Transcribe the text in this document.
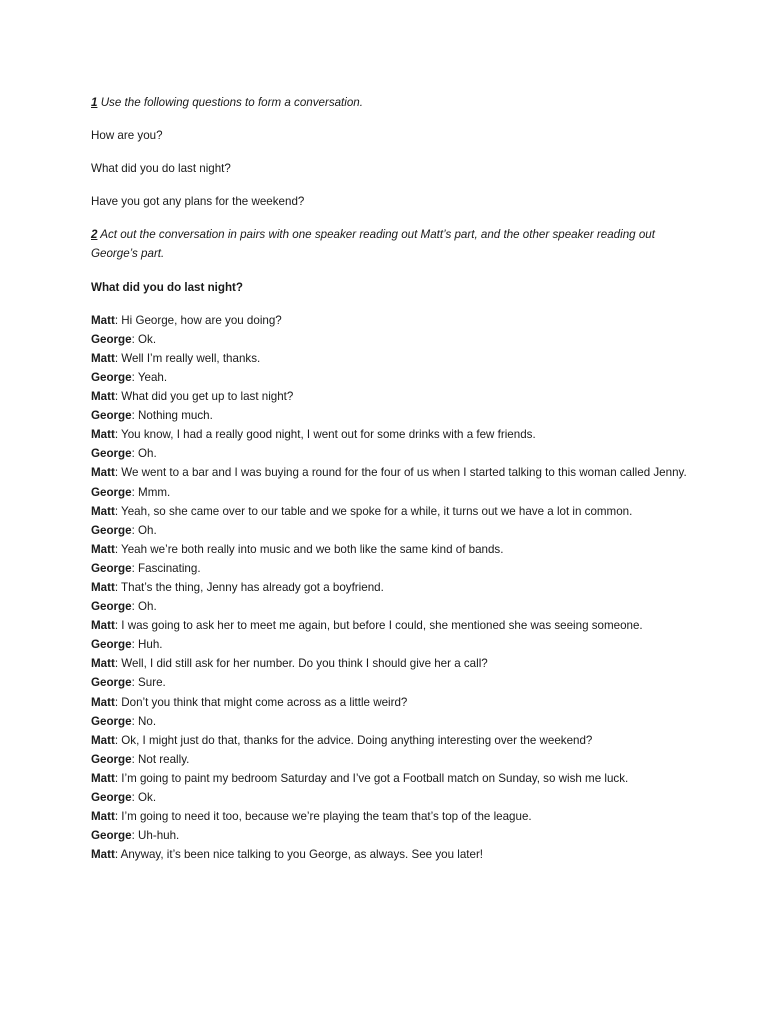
1 Use the following questions to form a conversation.

How are you?

What did you do last night?

Have you got any plans for the weekend?

2 Act out the conversation in pairs with one speaker reading out Matt’s part, and the other speaker reading out George’s part.

What did you do last night?

Matt: Hi George, how are you doing?

George: Ok.

Matt: Well I’m really well, thanks.

George: Yeah.

Matt: What did you get up to last night?

George: Nothing much.

Matt: You know, I had a really good night, I went out for some drinks with a few friends.

George: Oh.

Matt: We went to a bar and I was buying a round for the four of us when I started talking to this woman called Jenny.

George: Mmm.

Matt: Yeah, so she came over to our table and we spoke for a while, it turns out we have a lot in common.

George: Oh.

Matt: Yeah we’re both really into music and we both like the same kind of bands.

George: Fascinating.

Matt: That’s the thing, Jenny has already got a boyfriend.

George: Oh.

Matt: I was going to ask her to meet me again, but before I could, she mentioned she was seeing someone.

George: Huh.

Matt: Well, I did still ask for her number. Do you think I should give her a call?

George: Sure.

Matt: Don’t you think that might come across as a little weird?

George: No.

Matt: Ok, I might just do that, thanks for the advice. Doing anything interesting over the weekend?

George: Not really.

Matt: I’m going to paint my bedroom Saturday and I’ve got a Football match on Sunday, so wish me luck.

George: Ok.

Matt: I’m going to need it too, because we’re playing the team that’s top of the league.

George: Uh-huh.

Matt: Anyway, it’s been nice talking to you George, as always. See you later!
